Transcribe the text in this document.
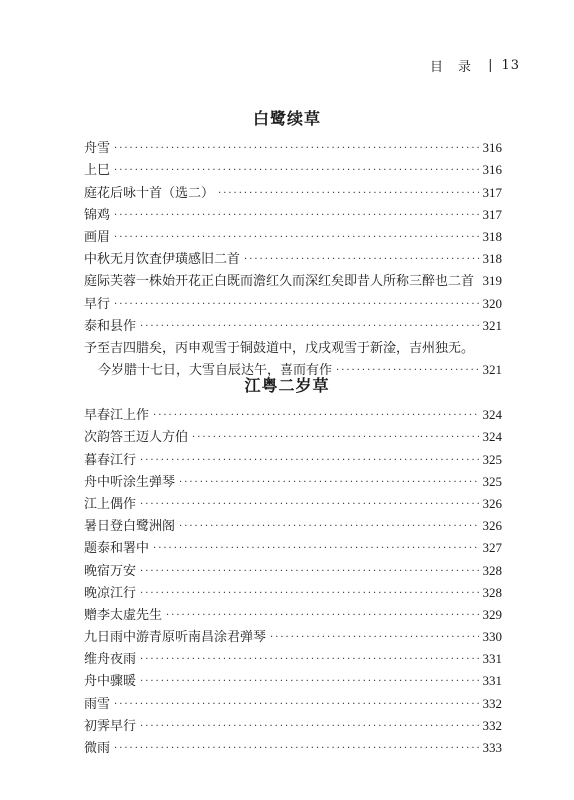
目　录 | 13
白鹭续草
舟雪 ·····	316
上巳 ·····	316
庭花后咏十首（选二） ·····	317
锦鸡 ·····	317
画眉 ·····	318
中秋无月饮査伊璜感旧二首 ·····	318
庭际芙蓉一株始开花正白既而澹红久而深红矣即昔人所称三醉也二首 ····· 319
早行 ·····	320
泰和县作 ·····	321
予至吉四腊矣，丙申观雪于铜鼓道中，戊戌观雪于新淦，吉州独无。
今岁腊十七日，大雪自辰达午，喜而有作 ·····	321
江粤二岁草
早春江上作 ·····	324
次韵答王迈人方伯 ·····	324
暮春江行 ·····	325
舟中听涂生弹琴 ·····	325
江上偶作 ·····	326
暑日登白鹭洲阁 ·····	326
题泰和署中 ·····	327
晚宿万安 ·····	328
晚凉江行 ·····	328
赠李太虚先生 ·····	329
九日雨中游青原听南昌涂君弹琴 ·····	330
维舟夜雨 ·····	331
舟中骤暖 ·····	331
雨雪 ·····	332
初霁早行 ·····	332
微雨 ·····	333
